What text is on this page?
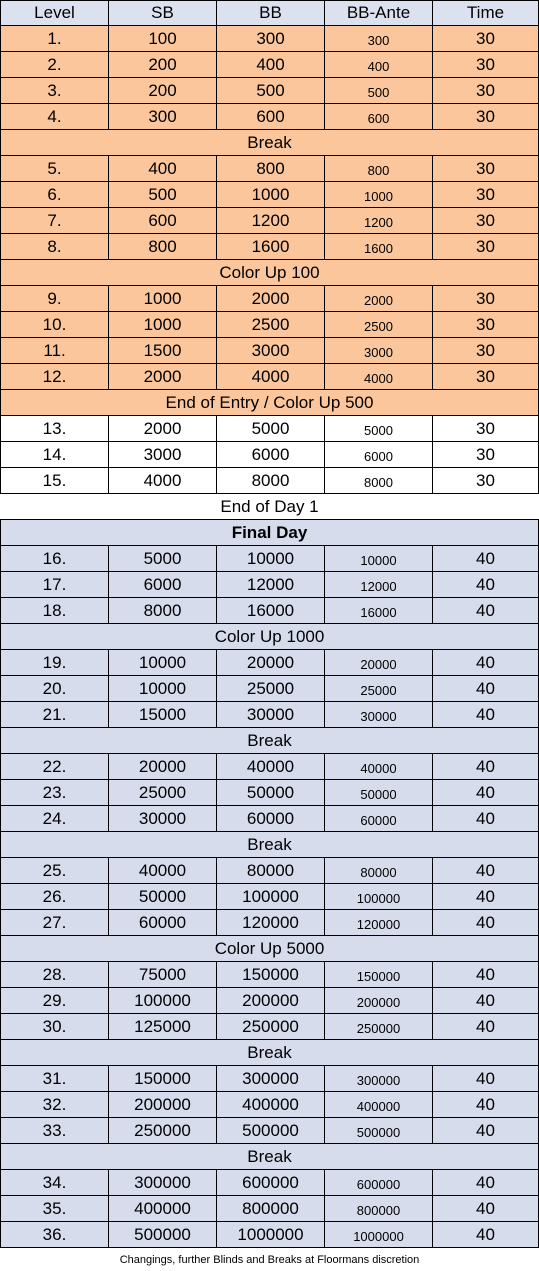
Level	SB	BB	BB-Ante	Time
1.	100	300	300	30
2.	200	400	400	30
3.	200	500	500	30
4.	300	600	600	30
Break
5.	400	800	800	30
6.	500	1000	1000	30
7.	600	1200	1200	30
8.	800	1600	1600	30
Color Up 100
9.	1000	2000	2000	30
10.	1000	2500	2500	30
11.	1500	3000	3000	30
12.	2000	4000	4000	30
End of Entry / Color Up 500
13.	2000	5000	5000	30
14.	3000	6000	6000	30
15.	4000	8000	8000	30
End of Day 1
Final Day
16.	5000	10000	10000	40
17.	6000	12000	12000	40
18.	8000	16000	16000	40
Color Up 1000
19.	10000	20000	20000	40
20.	10000	25000	25000	40
21.	15000	30000	30000	40
Break
22.	20000	40000	40000	40
23.	25000	50000	50000	40
24.	30000	60000	60000	40
Break
25.	40000	80000	80000	40
26.	50000	100000	100000	40
27.	60000	120000	120000	40
Color Up 5000
28.	75000	150000	150000	40
29.	100000	200000	200000	40
30.	125000	250000	250000	40
Break
31.	150000	300000	300000	40
32.	200000	400000	400000	40
33.	250000	500000	500000	40
Break
34.	300000	600000	600000	40
35.	400000	800000	800000	40
36.	500000	1000000	1000000	40
Changings, further Blinds and Breaks at Floormans discretion
